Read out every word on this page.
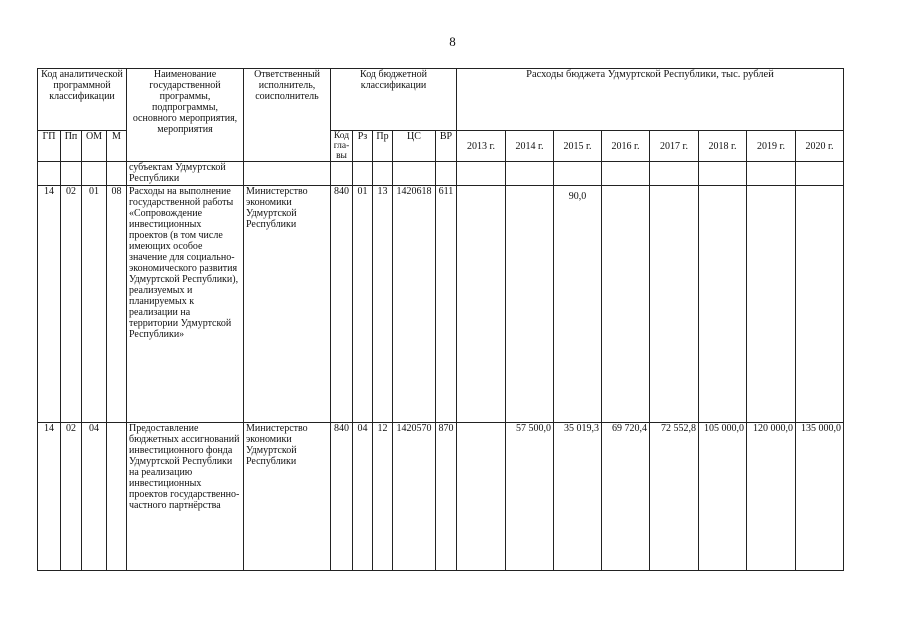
8
Код аналитической программной классификации				Наименование государственной программы, подпрограммы, основного мероприятия, мероприятия	Ответственный исполнитель, соисполнитель	Код бюджетной классификации					Расходы бюджета Удмуртской Республики, тыс. рублей							
ГП	Пп	ОМ	М			Код гла-вы	Рз	Пр	ЦС	ВР	2013 г.	2014 г.	2015 г.	2016 г.	2017 г.	2018 г.	2019 г.	2020 г.
				субъектам Удмуртской Республики														
14	02	01	08	Расходы на выполнение государственной работы «Сопровождение инвестиционных проектов (в том числе имеющих особое значение для социально-экономического развития Удмуртской Республики), реализуемых и планируемых к реализации на территории Удмуртской Республики»	Министерство экономики Удмуртской Республики	840	01	13	1420618	611			90,0					
14	02	04		Предоставление бюджетных ассигнований инвестиционного фонда Удмуртской Республики на реализацию инвестиционных проектов государственно-частного партнёрства	Министерство экономики Удмуртской Республики	840	04	12	1420570	870		57 500,0	35 019,3	69 720,4	72 552,8	105 000,0	120 000,0	135 000,0
